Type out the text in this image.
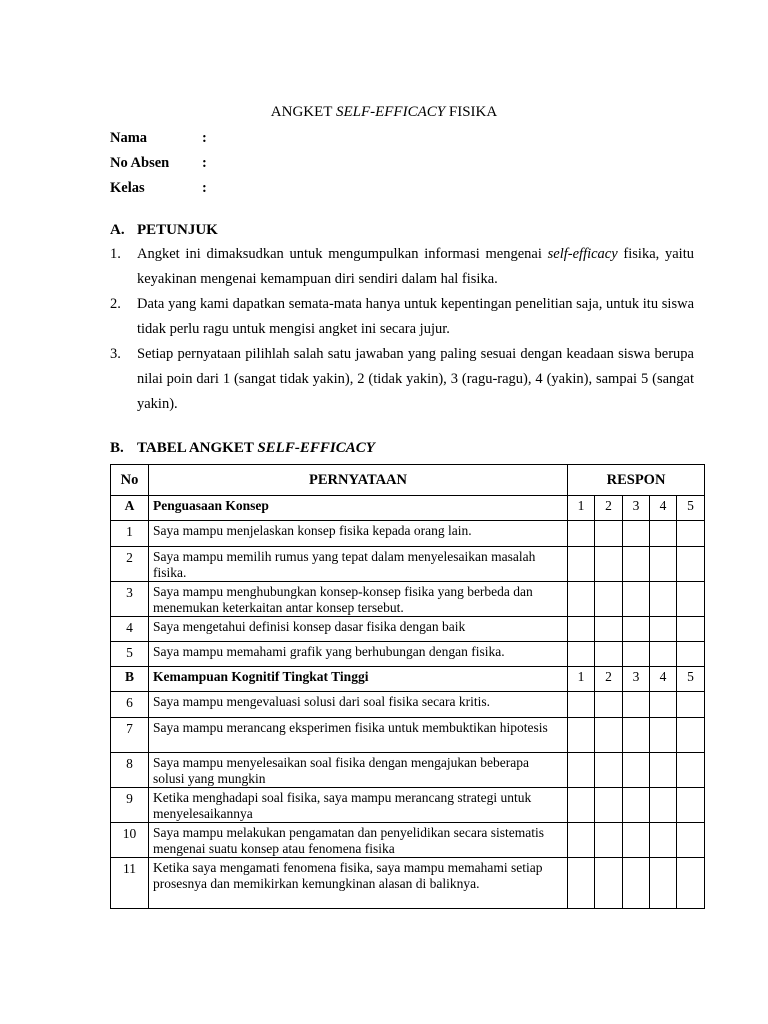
ANGKET SELF-EFFICACY FISIKA
Nama	:
No Absen :
Kelas	:
A. PETUNJUK
1. Angket ini dimaksudkan untuk mengumpulkan informasi mengenai self-efficacy fisika, yaitu keyakinan mengenai kemampuan diri sendiri dalam hal fisika.
2. Data yang kami dapatkan semata-mata hanya untuk kepentingan penelitian saja, untuk itu siswa tidak perlu ragu untuk mengisi angket ini secara jujur.
3. Setiap pernyataan pilihlah salah satu jawaban yang paling sesuai dengan keadaan siswa berupa nilai poin dari 1 (sangat tidak yakin), 2 (tidak yakin), 3 (ragu-ragu), 4 (yakin), sampai 5 (sangat yakin).
B. TABEL ANGKET SELF-EFFICACY
No	PERNYATAAN	RESPON				
A	Penguasaan Konsep	1	2	3	4	5
1	Saya mampu menjelaskan konsep fisika kepada orang lain.					
2	Saya mampu memilih rumus yang tepat dalam menyelesaikan masalah fisika.					
3	Saya mampu menghubungkan konsep-konsep fisika yang berbeda dan menemukan keterkaitan antar konsep tersebut.					
4	Saya mengetahui definisi konsep dasar fisika dengan baik					
5	Saya mampu memahami grafik yang berhubungan dengan fisika.					
B	Kemampuan Kognitif Tingkat Tinggi	1	2	3	4	5
6	Saya mampu mengevaluasi solusi dari soal fisika secara kritis.					
7	Saya mampu merancang eksperimen fisika untuk membuktikan hipotesis					
8	Saya mampu menyelesaikan soal fisika dengan mengajukan beberapa solusi yang mungkin					
9	Ketika menghadapi soal fisika, saya mampu merancang strategi untuk menyelesaikannya					
10	Saya mampu melakukan pengamatan dan penyelidikan secara sistematis mengenai suatu konsep atau fenomena fisika					
11	Ketika saya mengamati fenomena fisika, saya mampu memahami setiap prosesnya dan memikirkan kemungkinan alasan di baliknya.					
